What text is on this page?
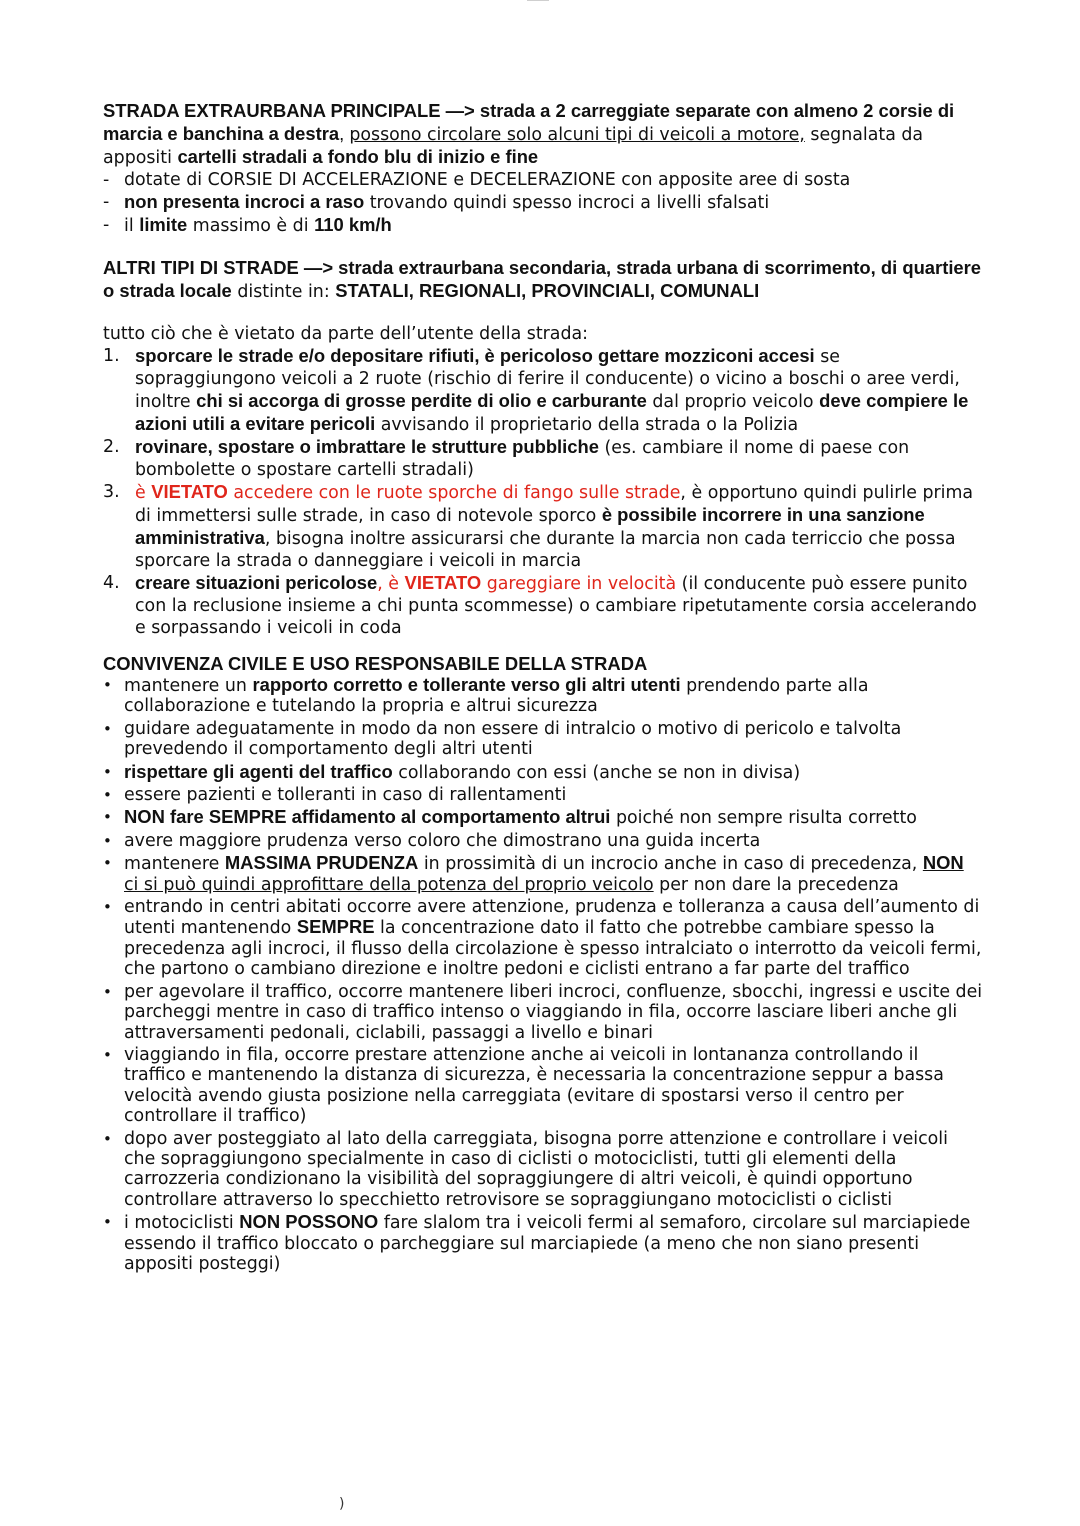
STRADA EXTRAURBANA PRINCIPALE —> strada a 2 carreggiate separate con almeno 2 corsie di marcia e banchina a destra, possono circolare solo alcuni tipi di veicoli a motore, segnalata da appositi cartelli stradali a fondo blu di inizio e fine
- dotate di CORSIE DI ACCELERAZIONE e DECELERAZIONE con apposite aree di sosta
- non presenta incroci a raso trovando quindi spesso incroci a livelli sfalsati
- il limite massimo è di 110 km/h
ALTRI TIPI DI STRADE —> strada extraurbana secondaria, strada urbana di scorrimento, di quartiere o strada locale distinte in: STATALI, REGIONALI, PROVINCIALI, COMUNALI
tutto ciò che è vietato da parte dell’utente della strada:
1. sporcare le strade e/o depositare rifiuti, è pericoloso gettare mozziconi accesi se sopraggiungono veicoli a 2 ruote (rischio di ferire il conducente) o vicino a boschi o aree verdi, inoltre chi si accorga di grosse perdite di olio e carburante dal proprio veicolo deve compiere le azioni utili a evitare pericoli avvisando il proprietario della strada o la Polizia
2. rovinare, spostare o imbrattare le strutture pubbliche (es. cambiare il nome di paese con bombolette o spostare cartelli stradali)
3. è VIETATO accedere con le ruote sporche di fango sulle strade, è opportuno quindi pulirle prima di immettersi sulle strade, in caso di notevole sporco è possibile incorrere in una sanzione amministrativa, bisogna inoltre assicurarsi che durante la marcia non cada terriccio che possa sporcare la strada o danneggiare i veicoli in marcia
4. creare situazioni pericolose, è VIETATO gareggiare in velocità (il conducente può essere punito con la reclusione insieme a chi punta scommesse) o cambiare ripetutamente corsia accelerando e sorpassando i veicoli in coda
CONVIVENZA CIVILE E USO RESPONSABILE DELLA STRADA
• mantenere un rapporto corretto e tollerante verso gli altri utenti prendendo parte alla collaborazione e tutelando la propria e altrui sicurezza
• guidare adeguatamente in modo da non essere di intralcio o motivo di pericolo e talvolta prevedendo il comportamento degli altri utenti
• rispettare gli agenti del traffico collaborando con essi (anche se non in divisa)
• essere pazienti e tolleranti in caso di rallentamenti
• NON fare SEMPRE affidamento al comportamento altrui poiché non sempre risulta corretto
• avere maggiore prudenza verso coloro che dimostrano una guida incerta
• mantenere MASSIMA PRUDENZA in prossimità di un incrocio anche in caso di precedenza, NON ci si può quindi approfittare della potenza del proprio veicolo per non dare la precedenza
• entrando in centri abitati occorre avere attenzione, prudenza e tolleranza a causa dell’aumento di utenti mantenendo SEMPRE la concentrazione dato il fatto che potrebbe cambiare spesso la precedenza agli incroci, il flusso della circolazione è spesso intralciato o interrotto da veicoli fermi, che partono o cambiano direzione e inoltre pedoni e ciclisti entrano a far parte del traffico
• per agevolare il traffico, occorre mantenere liberi incroci, confluenze, sbocchi, ingressi e uscite dei parcheggi mentre in caso di traffico intenso o viaggiando in fila, occorre lasciare liberi anche gli attraversamenti pedonali, ciclabili, passaggi a livello e binari
• viaggiando in fila, occorre prestare attenzione anche ai veicoli in lontananza controllando il traffico e mantenendo la distanza di sicurezza, è necessaria la concentrazione seppur a bassa velocità avendo giusta posizione nella carreggiata (evitare di spostarsi verso il centro per controllare il traffico)
• dopo aver posteggiato al lato della carreggiata, bisogna porre attenzione e controllare i veicoli che sopraggiungono specialmente in caso di ciclisti o motociclisti, tutti gli elementi della carrozzeria condizionano la visibilità del sopraggiungere di altri veicoli, è quindi opportuno controllare attraverso lo specchietto retrovisore se sopraggiungano motociclisti o ciclisti
• i motociclisti NON POSSONO fare slalom tra i veicoli fermi al semaforo, circolare sul marciapiede essendo il traffico bloccato o parcheggiare sul marciapiede (a meno che non siano presenti appositi posteggi)
)
